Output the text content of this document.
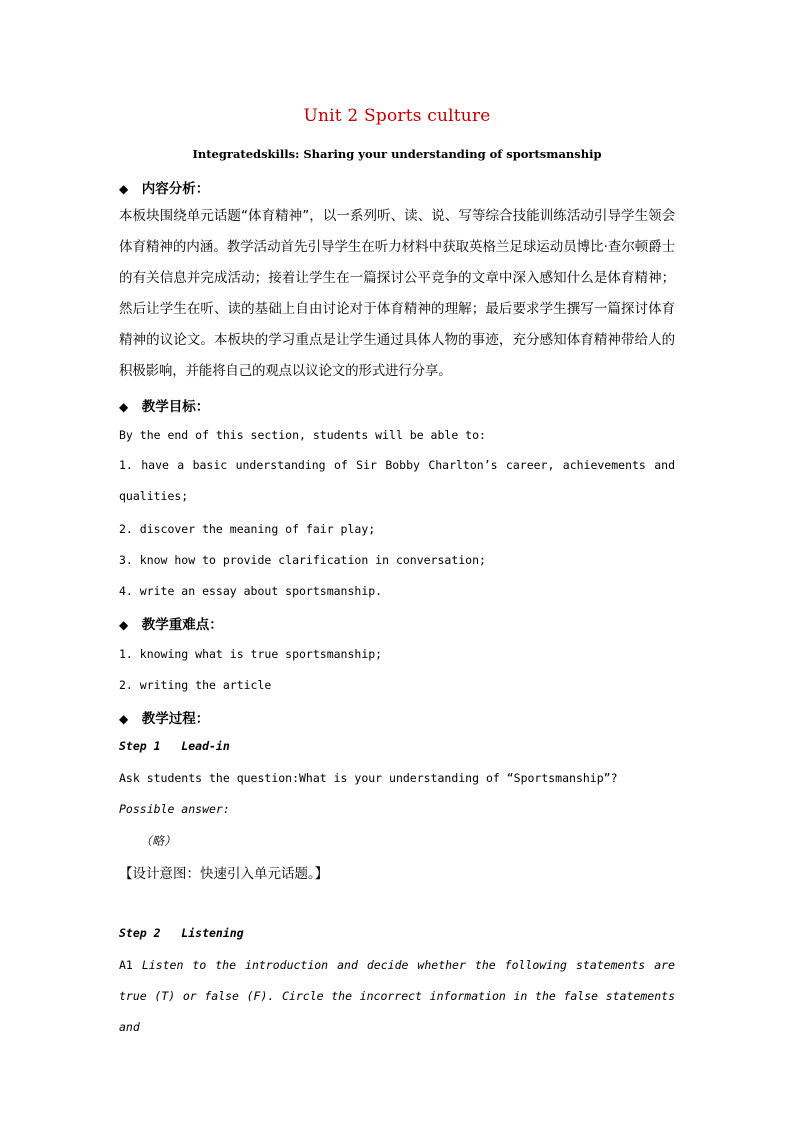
Unit 2 Sports culture
Integratedskills: Sharing your understanding of sportsmanship
◆ 内容分析：
本板块围绕单元话题“体育精神”，以一系列听、读、说、写等综合技能训练活动引导学生领会体育精神的内涵。教学活动首先引导学生在听力材料中获取英格兰足球运动员博比·查尔顿爵士的有关信息并完成活动；接着让学生在一篇探讨公平竞争的文章中深入感知什么是体育精神；然后让学生在听、读的基础上自由讨论对于体育精神的理解；最后要求学生撰写一篇探讨体育精神的议论文。本板块的学习重点是让学生通过具体人物的事迹，充分感知体育精神带给人的积极影响，并能将自己的观点以议论文的形式进行分享。
◆ 教学目标：
By the end of this section, students will be able to:
1. have a basic understanding of Sir Bobby Charlton’s career, achievements and qualities;
2. discover the meaning of fair play;
3. know how to provide clarification in conversation;
4. write an essay about sportsmanship.
◆ 教学重难点：
1. knowing what is true sportsmanship;
2. writing the article
◆ 教学过程：
Step 1   Lead-in
Ask students the question:What is your understanding of “Sportsmanship”?
Possible answer:
（略）
【设计意图：快速引入单元话题。】
Step 2   Listening
A1 Listen to the introduction and decide whether the following statements are true (T) or false (F). Circle the incorrect information in the false statements and
